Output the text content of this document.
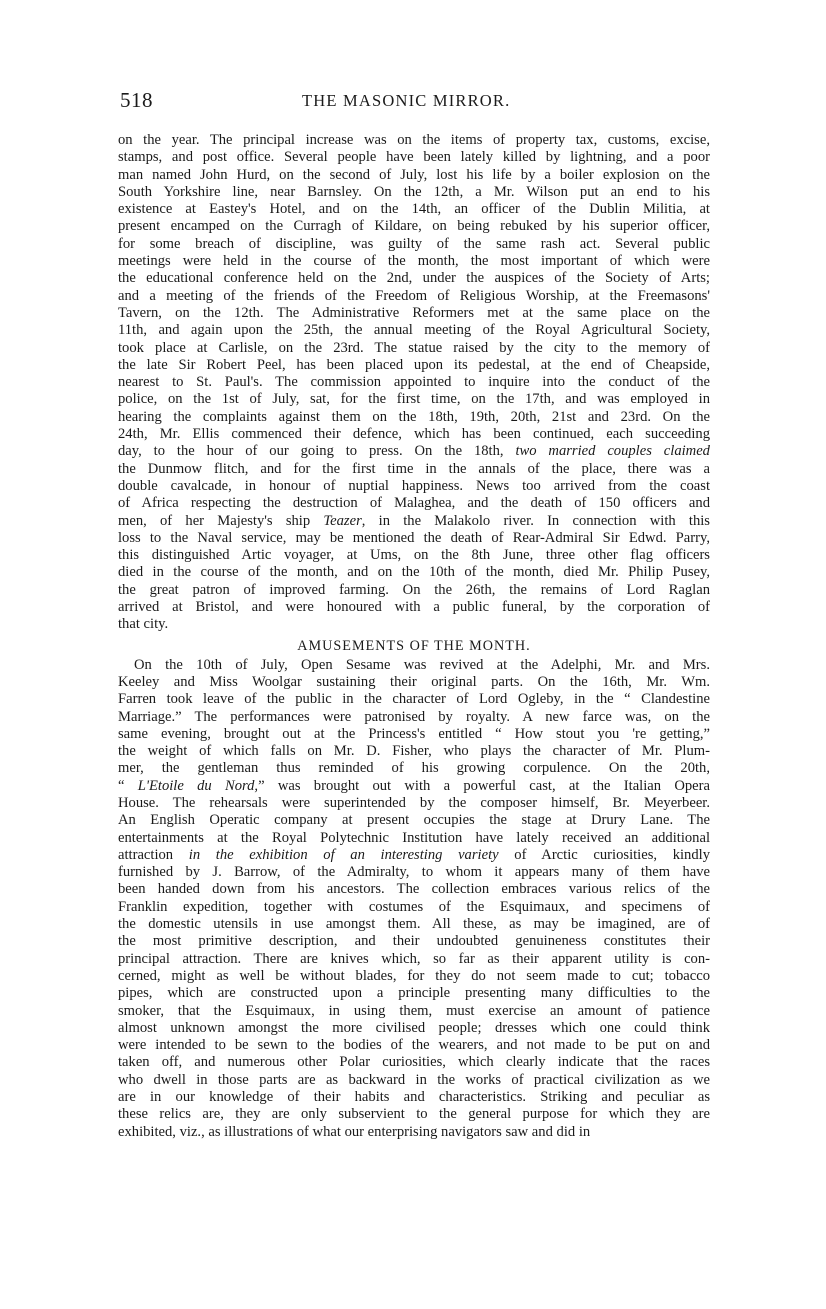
518	THE MASONIC MIRROR.
on the year. The principal increase was on the items of property tax, customs, excise,
stamps, and post office. Several people have been lately killed by lightning, and a poor
man named John Hurd, on the second of July, lost his life by a boiler explosion on the
South Yorkshire line, near Barnsley. On the 12th, a Mr. Wilson put an end to his
existence at Eastey's Hotel, and on the 14th, an officer of the Dublin Militia, at
present encamped on the Curragh of Kildare, on being rebuked by his superior officer,
for some breach of discipline, was guilty of the same rash act. Several public
meetings were held in the course of the month, the most important of which were
the educational conference held on the 2nd, under the auspices of the Society of Arts;
and a meeting of the friends of the Freedom of Religious Worship, at the Freemasons'
Tavern, on the 12th. The Administrative Reformers met at the same place on the
11th, and again upon the 25th, the annual meeting of the Royal Agricultural Society,
took place at Carlisle, on the 23rd. The statue raised by the city to the memory of
the late Sir Robert Peel, has been placed upon its pedestal, at the end of Cheapside,
nearest to St. Paul's. The commission appointed to inquire into the conduct of the
police, on the 1st of July, sat, for the first time, on the 17th, and was employed in
hearing the complaints against them on the 18th, 19th, 20th, 21st and 23rd. On the
24th, Mr. Ellis commenced their defence, which has been continued, each succeeding
day, to the hour of our going to press. On the 18th, two married couples claimed
the Dunmow flitch, and for the first time in the annals of the place, there was a
double cavalcade, in honour of nuptial happiness. News too arrived from the coast
of Africa respecting the destruction of Malaghea, and the death of 150 officers and
men, of her Majesty's ship Teazer, in the Malakolo river. In connection with this
loss to the Naval service, may be mentioned the death of Rear-Admiral Sir Edwd. Parry,
this distinguished Artic voyager, at Ums, on the 8th June, three other flag officers
died in the course of the month, and on the 10th of the month, died Mr. Philip Pusey,
the great patron of improved farming. On the 26th, the remains of Lord Raglan
arrived at Bristol, and were honoured with a public funeral, by the corporation of
that city.
AMUSEMENTS OF THE MONTH.
On the 10th of July, Open Sesame was revived at the Adelphi, Mr. and Mrs.
Keeley and Miss Woolgar sustaining their original parts. On the 16th, Mr. Wm.
Farren took leave of the public in the character of Lord Ogleby, in the “ Clandestine
Marriage.” The performances were patronised by royalty. A new farce was, on the
same evening, brought out at the Princess's entitled “ How stout you 're getting,”
the weight of which falls on Mr. D. Fisher, who plays the character of Mr. Plum-
mer, the gentleman thus reminded of his growing corpulence. On the 20th,
“ L'Etoile du Nord,” was brought out with a powerful cast, at the Italian Opera
House. The rehearsals were superintended by the composer himself, Br. Meyerbeer.
An English Operatic company at present occupies the stage at Drury Lane. The
entertainments at the Royal Polytechnic Institution have lately received an additional
attraction in the exhibition of an interesting variety of Arctic curiosities, kindly
furnished by J. Barrow, of the Admiralty, to whom it appears many of them have
been handed down from his ancestors. The collection embraces various relics of the
Franklin expedition, together with costumes of the Esquimaux, and specimens of
the domestic utensils in use amongst them. All these, as may be imagined, are of
the most primitive description, and their undoubted genuineness constitutes their
principal attraction. There are knives which, so far as their apparent utility is con-
cerned, might as well be without blades, for they do not seem made to cut; tobacco
pipes, which are constructed upon a principle presenting many difficulties to the
smoker, that the Esquimaux, in using them, must exercise an amount of patience
almost unknown amongst the more civilised people; dresses which one could think
were intended to be sewn to the bodies of the wearers, and not made to be put on and
taken off, and numerous other Polar curiosities, which clearly indicate that the races
who dwell in those parts are as backward in the works of practical civilization as we
are in our knowledge of their habits and characteristics. Striking and peculiar as
these relics are, they are only subservient to the general purpose for which they are
exhibited, viz., as illustrations of what our enterprising navigators saw and did in
